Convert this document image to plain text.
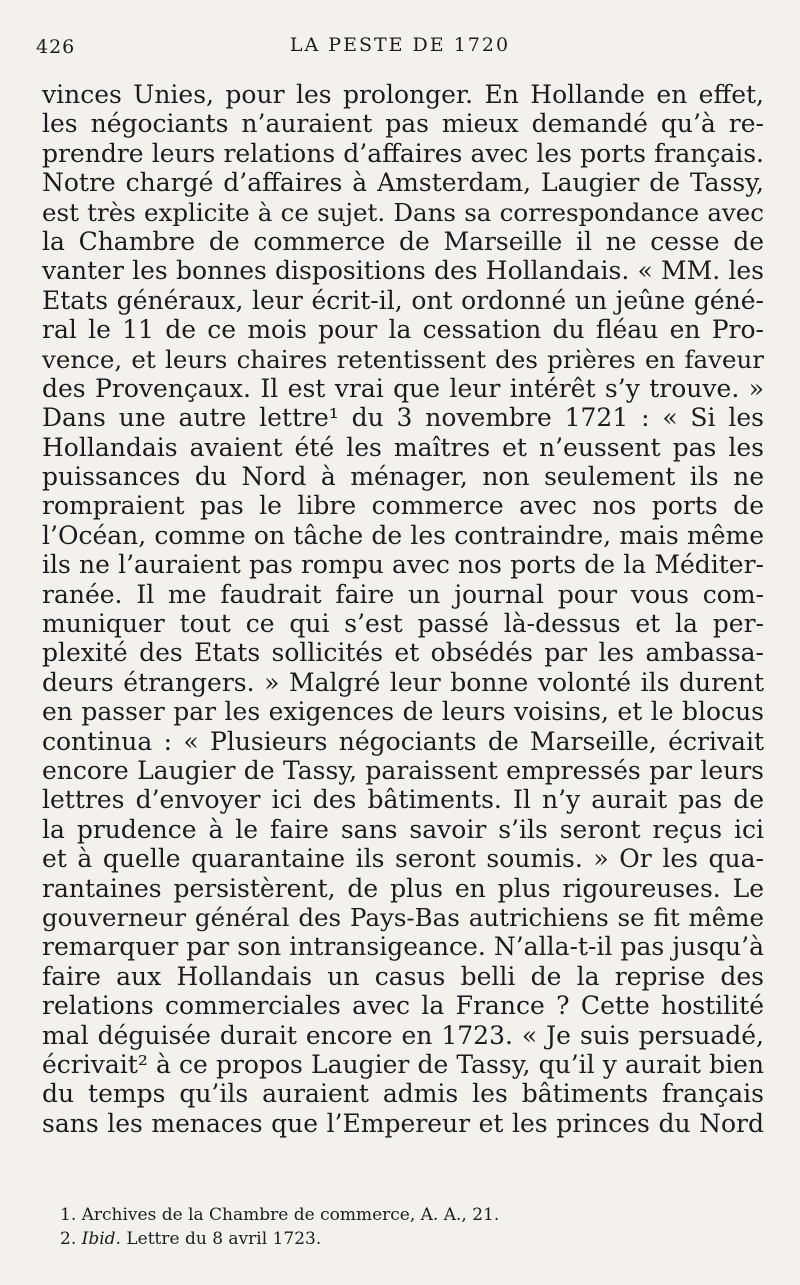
426	LA PESTE DE 1720
vinces Unies, pour les prolonger. En Hollande en effet,
les négociants n’auraient pas mieux demandé qu’à re-
prendre leurs relations d’affaires avec les ports français.
Notre chargé d’affaires à Amsterdam, Laugier de Tassy,
est très explicite à ce sujet. Dans sa correspondance avec
la Chambre de commerce de Marseille il ne cesse de
vanter les bonnes dispositions des Hollandais. « MM. les
Etats généraux, leur écrit-il, ont ordonné un jeûne géné-
ral le 11 de ce mois pour la cessation du fléau en Pro-
vence, et leurs chaires retentissent des prières en faveur
des Provençaux. Il est vrai que leur intérêt s’y trouve. »
Dans une autre lettre¹ du 3 novembre 1721 : « Si les
Hollandais avaient été les maîtres et n’eussent pas les
puissances du Nord à ménager, non seulement ils ne
rompraient pas le libre commerce avec nos ports de
l’Océan, comme on tâche de les contraindre, mais même
ils ne l’auraient pas rompu avec nos ports de la Méditer-
ranée. Il me faudrait faire un journal pour vous com-
muniquer tout ce qui s’est passé là-dessus et la per-
plexité des Etats sollicités et obsédés par les ambassa-
deurs étrangers. » Malgré leur bonne volonté ils durent
en passer par les exigences de leurs voisins, et le blocus
continua : « Plusieurs négociants de Marseille, écrivait
encore Laugier de Tassy, paraissent empressés par leurs
lettres d’envoyer ici des bâtiments. Il n’y aurait pas de
la prudence à le faire sans savoir s’ils seront reçus ici
et à quelle quarantaine ils seront soumis. » Or les qua-
rantaines persistèrent, de plus en plus rigoureuses. Le
gouverneur général des Pays-Bas autrichiens se fit même
remarquer par son intransigeance. N’alla-t-il pas jusqu’à
faire aux Hollandais un casus belli de la reprise des
relations commerciales avec la France ? Cette hostilité
mal déguisée durait encore en 1723. « Je suis persuadé,
écrivait² à ce propos Laugier de Tassy, qu’il y aurait bien
du temps qu’ils auraient admis les bâtiments français
sans les menaces que l’Empereur et les princes du Nord
1. Archives de la Chambre de commerce, A. A., 21.
2. Ibid. Lettre du 8 avril 1723.
